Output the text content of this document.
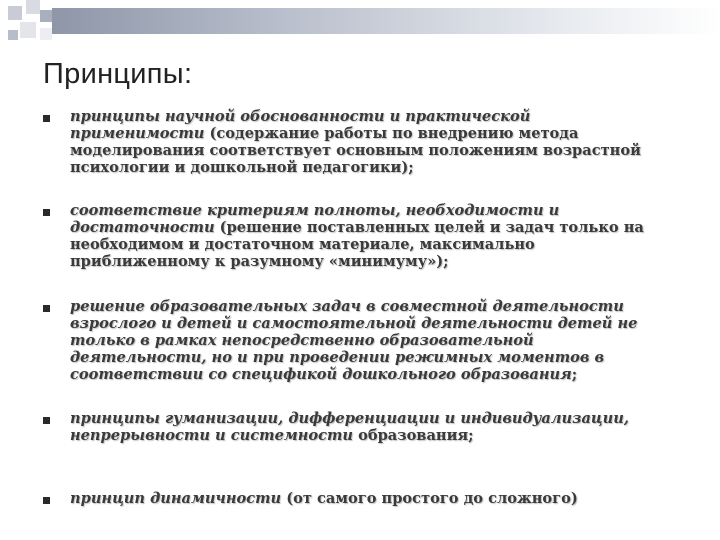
Принципы:
принципы научной обоснованности и практической применимости (содержание работы по внедрению метода моделирования соответствует основным положениям возрастной психологии и дошкольной педагогики);
соответствие критериям полноты, необходимости и достаточности (решение поставленных целей и задач только на необходимом и достаточном материале, максимально приближенному к разумному «минимуму»);
решение образовательных задач в совместной деятельности взрослого и детей и самостоятельной деятельности детей не только в рамках непосредственно образовательной деятельности, но и при проведении режимных моментов в соответствии со спецификой дошкольного образования;
принципы гуманизации, дифференциации и индивидуализации, непрерывности и системности образования;
принцип динамичности (от самого простого до сложного)
